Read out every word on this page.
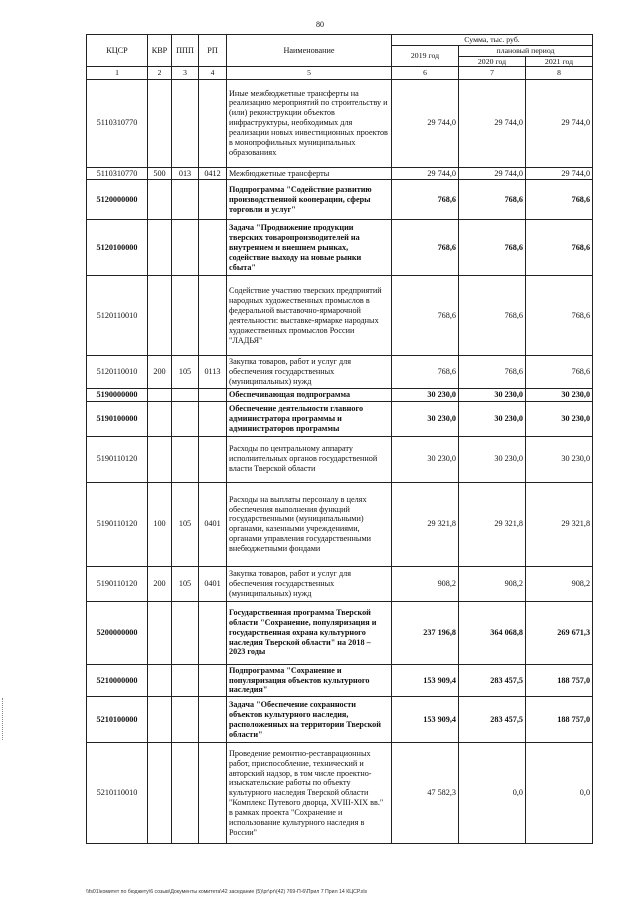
80
КЦСР	КВР	ППП	РП	Наименование	Сумма, тыс. руб.		
					2019 год	плановый период	
						2020 год	2021 год
1	2	3	4	5	6	7	8
5110310770				Иные межбюджетные трансферты на реализацию мероприятий по строительству и (или) реконструкции объектов инфраструктуры, необходимых для реализации новых инвестиционных проектов в монопрофильных муниципальных образованиях	29 744,0	29 744,0	29 744,0
5110310770	500	013	0412	Межбюджетные трансферты	29 744,0	29 744,0	29 744,0
5120000000				Подпрограмма "Содействие развитию производственной кооперации, сферы торговли и услуг"	768,6	768,6	768,6
5120100000				Задача "Продвижение продукции тверских товаропроизводителей на внутреннем и внешнем рынках, содействие выходу на новые рынки сбыта"	768,6	768,6	768,6
5120110010				Содействие участию тверских предприятий народных художественных промыслов в федеральной выставочно-ярмарочной деятельности: выставке-ярмарке народных художественных промыслов России "ЛАДЬЯ"	768,6	768,6	768,6
5120110010	200	105	0113	Закупка товаров, работ и услуг для обеспечения государственных (муниципальных) нужд	768,6	768,6	768,6
5190000000				Обеспечивающая подпрограмма	30 230,0	30 230,0	30 230,0
5190100000				Обеспечение деятельности главного администратора программы и администраторов программы	30 230,0	30 230,0	30 230,0
5190110120				Расходы по центральному аппарату исполнительных органов государственной власти Тверской области	30 230,0	30 230,0	30 230,0
5190110120	100	105	0401	Расходы на выплаты персоналу в целях обеспечения выполнения функций государственными (муниципальными) органами, казенными учреждениями, органами управления государственными внебюджетными фондами	29 321,8	29 321,8	29 321,8
5190110120	200	105	0401	Закупка товаров, работ и услуг для обеспечения государственных (муниципальных) нужд	908,2	908,2	908,2
5200000000				Государственная программа Тверской области "Сохранение, популяризация и государственная охрана культурного наследия Тверской области" на 2018 – 2023 годы	237 196,8	364 068,8	269 671,3
5210000000				Подпрограмма "Сохранение и популяризация объектов культурного наследия"	153 909,4	283 457,5	188 757,0
5210100000				Задача "Обеспечение сохранности объектов культурного наследия, расположенных на территории Тверской области"	153 909,4	283 457,5	188 757,0
5210110010				Проведение ремонтно-реставрационных работ, приспособление, технический и авторский надзор, в том числе проектно-изыскательские работы по объекту культурного наследия Тверской области "Комплекс Путевого дворца, XVIII-XIX вв." в рамках проекта "Сохранение и использование культурного наследия в России"	47 582,3	0,0	0,0
\\fs01\комитет по бюджету\6 созыв\Документы комитета\42 заседание (5)\рг\рг\(42) 769-П-6\Прил 7 Прил 14 КЦСР.xls
